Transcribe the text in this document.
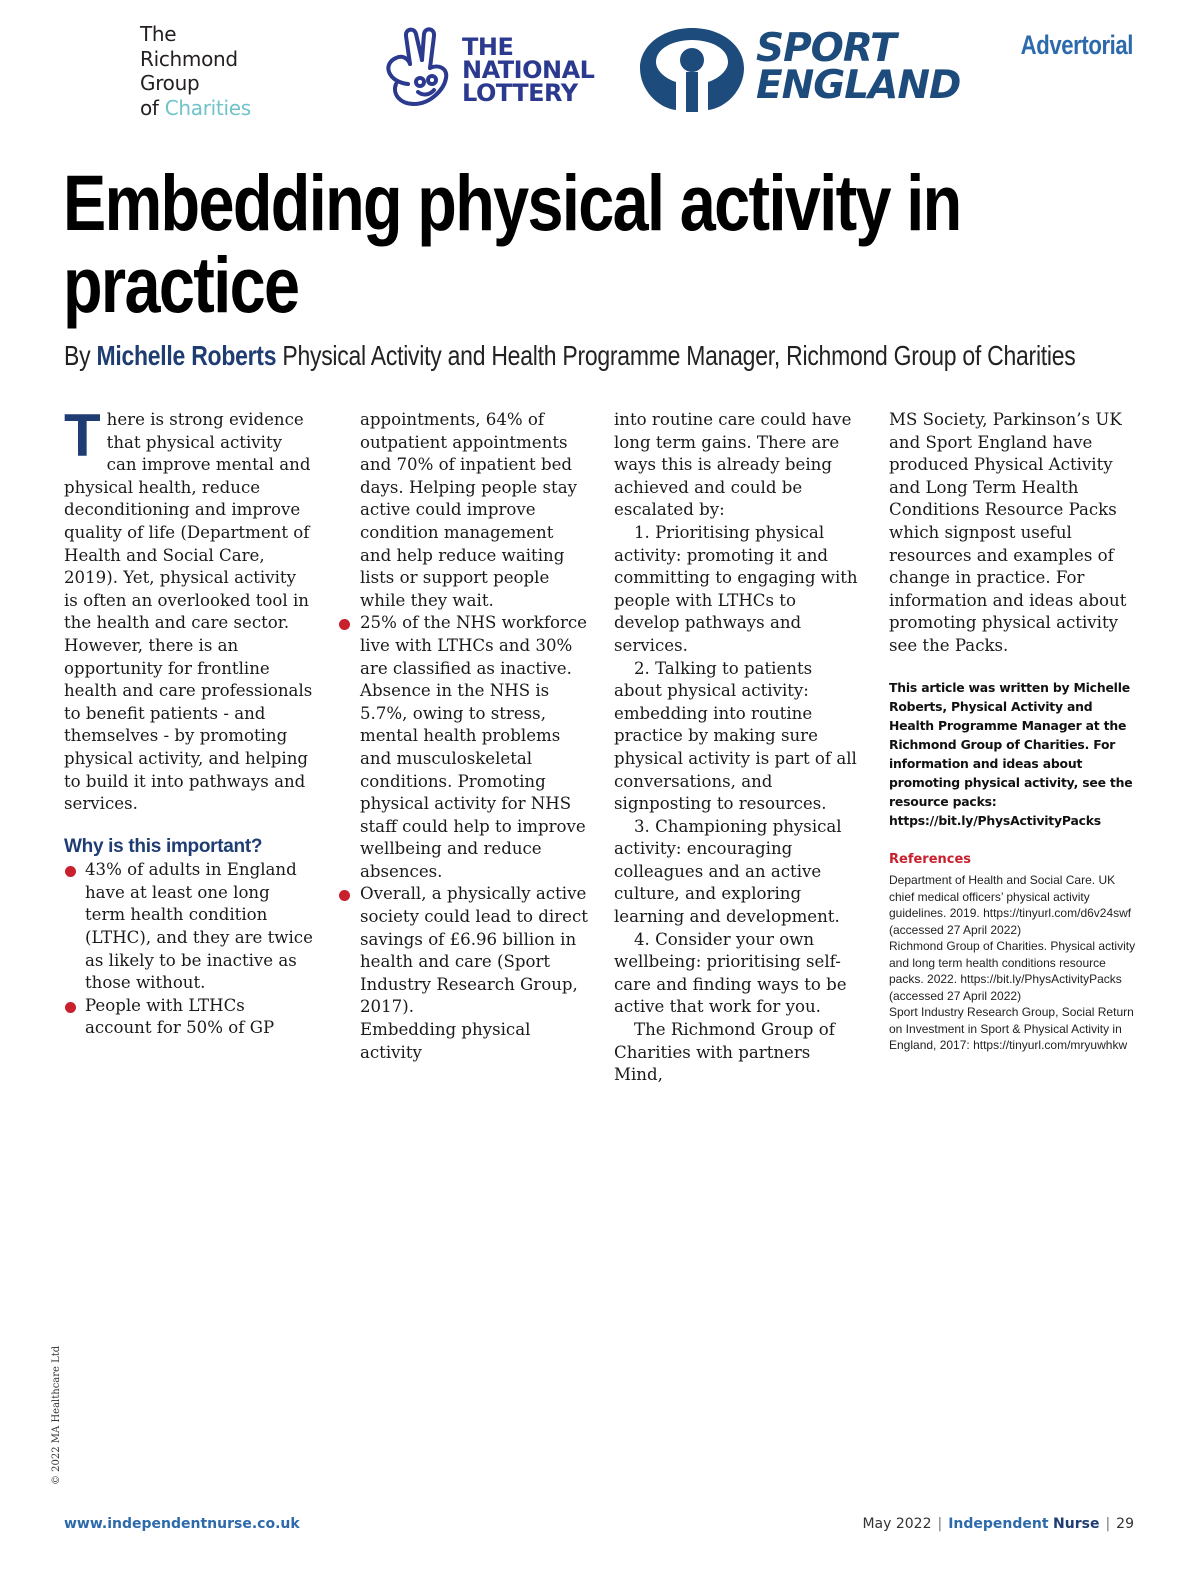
The
Richmond
Group
of Charities
THE
NATIONAL
LOTTERY
SPORT
ENGLAND
Advertorial
Embedding physical activity in practice
By Michelle Roberts Physical Activity and Health Programme Manager, Richmond Group of Charities

There is strong evidence that physical activity can improve mental and physical health, reduce deconditioning and improve quality of life (Department of Health and Social Care, 2019). Yet, physical activity is often an overlooked tool in the health and care sector. However, there is an opportunity for frontline health and care professionals to benefit patients - and themselves - by promoting physical activity, and helping to build it into pathways and services.

Why is this important?

43% of adults in England have at least one long term health condition (LTHC), and they are twice as likely to be inactive as those without.

People with LTHCs account for 50% of GP

appointments, 64% of outpatient appointments and 70% of inpatient bed days. Helping people stay active could improve condition management and help reduce waiting lists or support people while they wait.

25% of the NHS workforce live with LTHCs and 30% are classified as inactive. Absence in the NHS is 5.7%, owing to stress, mental health problems and musculoskeletal conditions. Promoting physical activity for NHS staff could help to improve wellbeing and reduce absences.

Overall, a physically active society could lead to direct savings of £6.96 billion in health and care (Sport Industry Research Group, 2017).

Embedding physical activity

into routine care could have long term gains. There are ways this is already being achieved and could be escalated by:

1. Prioritising physical activity: promoting it and committing to engaging with people with LTHCs to develop pathways and services.

2. Talking to patients about physical activity: embedding into routine practice by making sure physical activity is part of all conversations, and signposting to resources.

3. Championing physical activity: encouraging colleagues and an active culture, and exploring learning and development.

4. Consider your own wellbeing: prioritising self-care and finding ways to be active that work for you.

The Richmond Group of Charities with partners Mind,

MS Society, Parkinson’s UK and Sport England have produced Physical Activity and Long Term Health Conditions Resource Packs which signpost useful resources and examples of change in practice. For information and ideas about promoting physical activity see the Packs.

This article was written by Michelle Roberts, Physical Activity and Health Programme Manager at the Richmond Group of Charities. For information and ideas about promoting physical activity, see the resource packs: https://bit.ly/PhysActivityPacks
References
Department of Health and Social Care. UK chief medical officers’ physical activity guidelines. 2019. https://tinyurl.com/d6v24swf (accessed 27 April 2022)
Richmond Group of Charities. Physical activity and long term health conditions resource packs. 2022. https://bit.ly/PhysActivityPacks (accessed 27 April 2022)
Sport Industry Research Group, Social Return on Investment in Sport & Physical Activity in England, 2017: https://tinyurl.com/mryuwhkw
© 2022 MA Healthcare Ltd
www.independentnurse.co.uk	May 2022 | Independent Nurse | 29
